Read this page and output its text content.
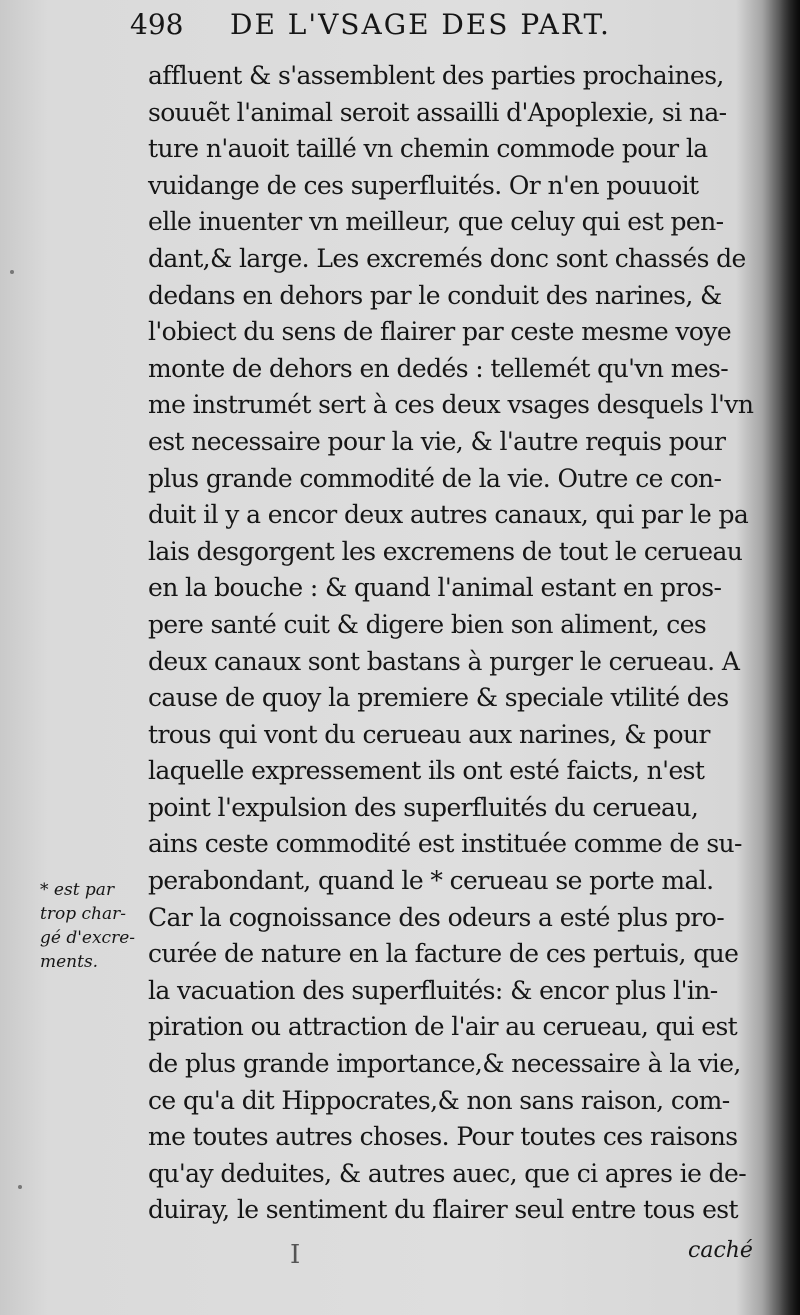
498 DE L'VSAGE DES PART.
affluent & s'assemblent des parties prochaines,
souuẽt l'animal seroit assailli d'Apoplexie, si na-
ture n'auoit taillé vn chemin commode pour la
vuidange de ces superfluités. Or n'en pouuoit
elle inuenter vn meilleur, que celuy qui est pen-
dant,& large. Les excremés donc sont chassés de
dedans en dehors par le conduit des narines, &
l'obiect du sens de flairer par ceste mesme voye
monte de dehors en dedés : tellemét qu'vn mes-
me instrumét sert à ces deux vsages desquels l'vn
est necessaire pour la vie, & l'autre requis pour
plus grande commodité de la vie. Outre ce con-
duit il y a encor deux autres canaux, qui par le pa
lais desgorgent les excremens de tout le cerueau
en la bouche : & quand l'animal estant en pros-
pere santé cuit & digere bien son aliment, ces
deux canaux sont bastans à purger le cerueau. A
cause de quoy la premiere & speciale vtilité des
trous qui vont du cerueau aux narines, & pour
laquelle expressement ils ont esté faicts, n'est
point l'expulsion des superfluités du cerueau,
ains ceste commodité est instituée comme de su-
perabondant, quand le * cerueau se porte mal.
Car la cognoissance des odeurs a esté plus pro-
curée de nature en la facture de ces pertuis, que
la vacuation des superfluités: & encor plus l'in-
piration ou attraction de l'air au cerueau, qui est
de plus grande importance,& necessaire à la vie,
ce qu'a dit Hippocrates,& non sans raison, com-
me toutes autres choses. Pour toutes ces raisons
qu'ay deduites, & autres auec, que ci apres ie de-
duiray, le sentiment du flairer seul entre tous est
* est par
trop char-
gé d'excre-
ments.
I	caché
